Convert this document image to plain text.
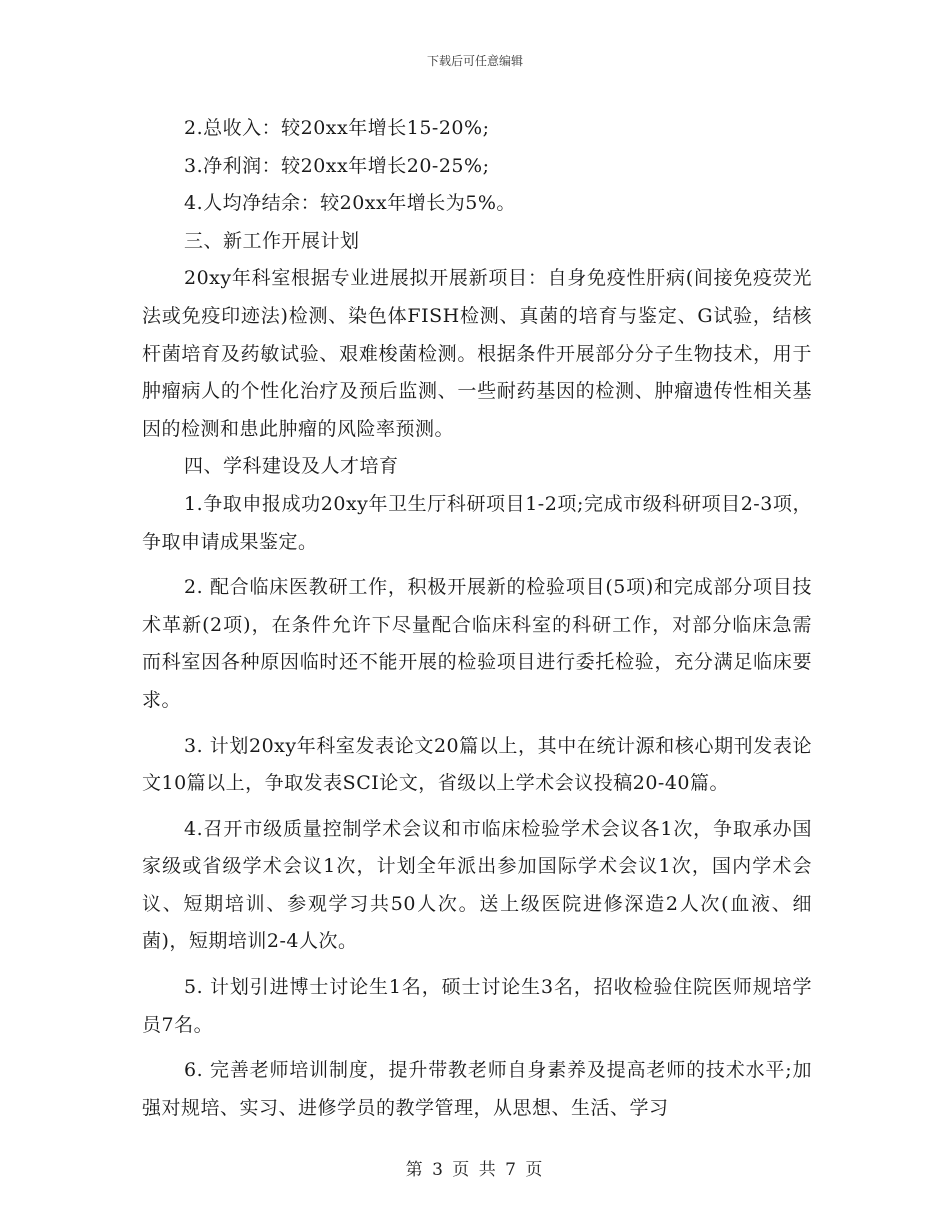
下载后可任意编辑

2.总收入：较20xx年增长15-20%;

3.净利润：较20xx年增长20-25%;

4.人均净结余：较20xx年增长为5%。

三、新工作开展计划

20xy年科室根据专业进展拟开展新项目：自身免疫性肝病(间接免疫荧光法或免疫印迹法)检测、染色体FISH检测、真菌的培育与鉴定、G试验，结核杆菌培育及药敏试验、艰难梭菌检测。根据条件开展部分分子生物技术，用于肿瘤病人的个性化治疗及预后监测、一些耐药基因的检测、肿瘤遗传性相关基因的检测和患此肿瘤的风险率预测。

四、学科建设及人才培育

1.争取申报成功20xy年卫生厅科研项目1-2项;完成市级科研项目2-3项，争取申请成果鉴定。

2. 配合临床医教研工作，积极开展新的检验项目(5项)和完成部分项目技术革新(2项)，在条件允许下尽量配合临床科室的科研工作，对部分临床急需而科室因各种原因临时还不能开展的检验项目进行委托检验，充分满足临床要求。

3. 计划20xy年科室发表论文20篇以上，其中在统计源和核心期刊发表论文10篇以上，争取发表SCI论文，省级以上学术会议投稿20-40篇。

4.召开市级质量控制学术会议和市临床检验学术会议各1次，争取承办国家级或省级学术会议1次，计划全年派出参加国际学术会议1次，国内学术会议、短期培训、参观学习共50人次。送上级医院进修深造2人次(血液、细菌)，短期培训2-4人次。

5. 计划引进博士讨论生1名，硕士讨论生3名，招收检验住院医师规培学员7名。

6. 完善老师培训制度，提升带教老师自身素养及提高老师的技术水平;加强对规培、实习、进修学员的教学管理，从思想、生活、学习

第 3 页 共 7 页
